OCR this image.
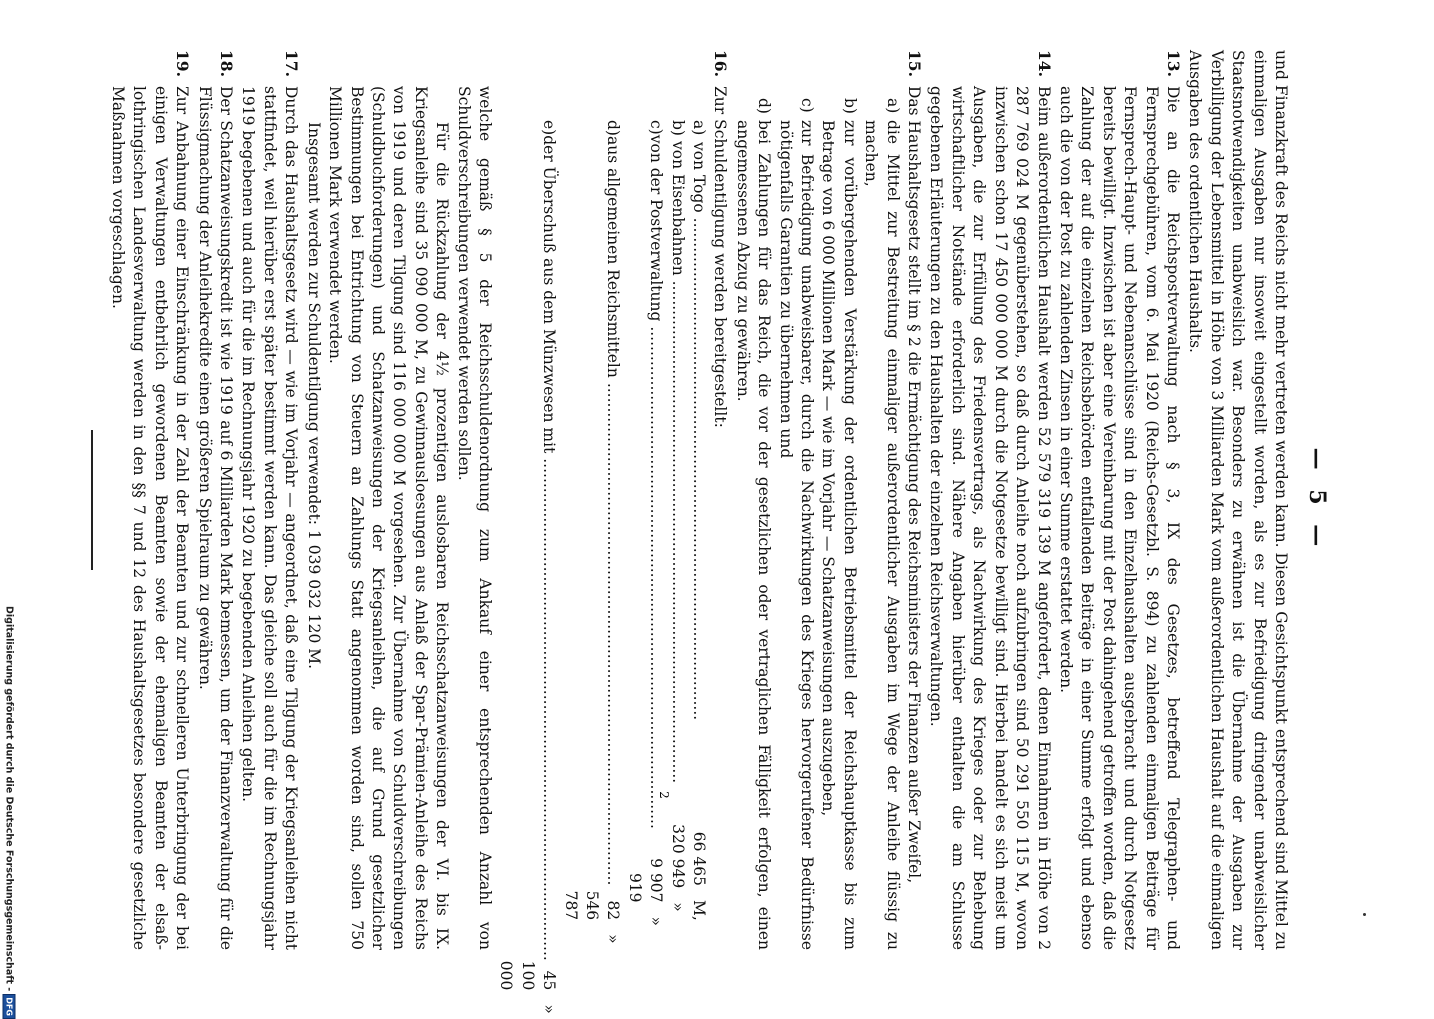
— 5 —

und Finanzkraft des Reichs nicht mehr vertreten werden kann. Diesen Gesichtspunkt entsprechend sind Mittel zu einmaligen Ausgaben nur insoweit eingestellt worden, als es zur Befriedigung dringender unabweislicher Staatsnotwendigkeiten unabweislich war. Besonders zu erwähnen ist die Übernahme der Ausgaben zur Verbilligung der Lebensmittel in Höhe von 3 Milliarden Mark vom außerordentlichen Haushalt auf die einmaligen Ausgaben des ordentlichen Haushalts.

13.Die an die Reichspostverwaltung nach § 3, IX des Gesetzes, betreffend Telegraphen- und Fernsprechgebühren, vom 6. Mai 1920 (Reichs-Gesetzbl. S. 894) zu zahlenden einmaligen Beiträge für Fernsprech-Haupt- und Nebenanschlüsse sind in den Einzelhaushalten ausgebracht und durch Notgesetz bereits bewilligt. Inzwischen ist aber eine Vereinbarung mit der Post dahingehend getroffen worden, daß die Zahlung der auf die einzelnen Reichsbehörden entfallenden Beiträge in einer Summe erfolgt und ebenso auch die von der Post zu zahlenden Zinsen in einer Summe erstattet werden.

14.Beim außerordentlichen Haushalt werden 52 579 319 139 M angefordert, denen Einnahmen in Höhe von 2 287 769 024 M gegenüberstehen, so daß durch Anleihe noch aufzubringen sind 50 291 550 115 M, wovon inzwischen schon 17 450 000 000 M durch die Notgesetze bewilligt sind. Hierbei handelt es sich meist um Ausgaben, die zur Erfüllung des Friedensvertrags, als Nachwirkung des Krieges oder zur Behebung wirtschaftlicher Notstände erforderlich sind. Nähere Angaben hierüber enthalten die am Schlusse gegebenen Erläuterungen zu den Haushalten der einzelnen Reichsverwaltungen.

15.Das Haushaltsgesetz stellt im § 2 die Ermächtigung des Reichsministers der Finanzen außer Zweifel,

a)die Mittel zur Bestreitung einmaliger außerordentlicher Ausgaben im Wege der Anleihe flüssig zu machen,

b)zur vorübergehenden Verstärkung der ordentlichen Betriebsmittel der Reichshauptkasse bis zum Betrage von 6 000 Millionen Mark — wie im Vorjahr — Schatzanweisungen auszugeben,

c)zur Befriedigung unabweisbarer, durch die Nachwirkungen des Krieges hervorgerufener Bedürfnisse nötigenfalls Garantien zu übernehmen und

d)bei Zahlungen für das Reich, die vor der gesetzlichen oder vertraglichen Fälligkeit erfolgen, einen angemessenen Abzug zu gewähren.

16.Zur Schuldentilgung werden bereitgestellt:

a)
von Togo .....
66 465
M,
b)
von Eisenbahnen .....
320 949
»
c)
von der Postverwaltung .....
9 907 919
»
d)
aus allgemeinen Reichsmitteln .....
82 546 787
»
e)
der Überschuß aus dem Münzwesen mit .....
45 100 000
»

welche gemäß § 5 der Reichsschuldenordnung zum Ankauf einer entsprechenden Anzahl von Schuldverschreibungen verwendet werden sollen.

Für die Rückzahlung der 4½ prozentigen auslosbaren Reichsschatzanweisungen der VI. bis IX. Kriegsanleihe sind 35 090 000 M, zu Gewinnausloesungen aus Anlaß der Spar-Prämien-Anleihe des Reichs von 1919 und deren Tilgung sind 116 000 000 M vorgesehen. Zur Übernahme von Schuldverschreibungen (Schuldbuchforderungen) und Schatzanweisungen der Kriegsanleihen, die auf Grund gesetzlicher Bestimmungen bei Entrichtung von Steuern an Zahlungs Statt angenommen worden sind, sollen 750 Millionen Mark verwendet werden.

Insgesamt werden zur Schuldentilgung verwendet: 1 039 032 120 M.

17.Durch das Haushaltsgesetz wird — wie im Vorjahr — angeordnet, daß eine Tilgung der Kriegsanleihen nicht stattfindet, weil hierüber erst später bestimmt werden kann. Das gleiche soll auch für die im Rechnungsjahr 1919 begebenen und auch für die im Rechnungsjahr 1920 zu begebenden Anleihen gelten.

18.Der Schatzanweisungskredit ist wie 1919 auf 6 Milliarden Mark bemessen, um der Finanzverwaltung für die Flüssigmachung der Anleihekredite einen größeren Spielraum zu gewähren.

19.Zur Anbahnung einer Einschränkung in der Zahl der Beamten und zur schnelleren Unterbringung der bei einigen Verwaltungen entbehrlich gewordenen Beamten sowie der ehemaligen Beamten der elsaß-lothringischen Landesverwaltung werden in den §§ 7 und 12 des Haushaltsgesetzes besondere gesetzliche Maßnahmen vorgeschlagen.

2
Digitalisierung gefördert durch die Deutsche Forschungsgemeinschaft -
DFG
